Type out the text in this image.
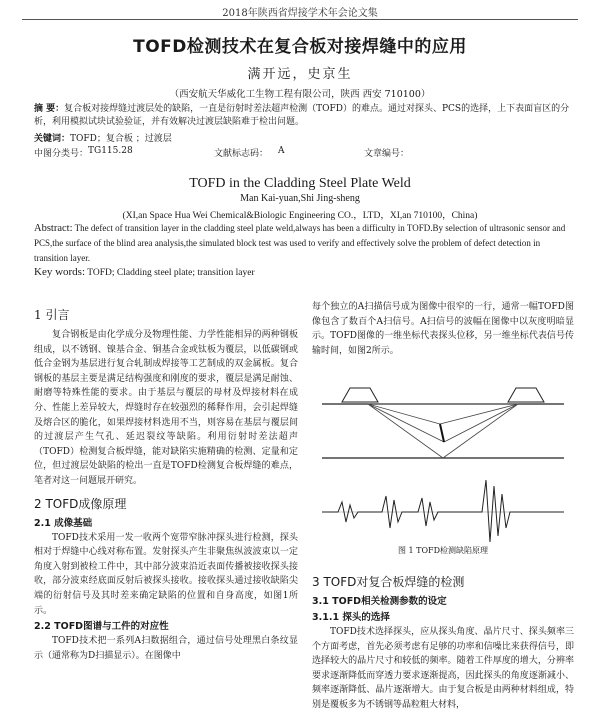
2018年陕西省焊接学术年会论文集
TOFD检测技术在复合板对接焊缝中的应用
满开远，史京生
（西安航天华威化工生物工程有限公司，陕西 西安 710100）
摘 要：复合板对接焊缝过渡层处的缺陷，一直是衍射时差法超声检测（TOFD）的难点。通过对探头、PCS的选择，上下表面盲区的分析，利用模拟试块试验验证，并有效解决过渡层缺陷难于检出问题。
关键词：TOFD；复合板 ；过渡层
中图分类号： TG115.28	文献标志码： A	文章编号：
TOFD in the Cladding Steel Plate Weld
Man Kai-yuan,Shi Jing-sheng
(XI,an Space Hua Wei Chemical&Biologic Engineering CO.，LTD，XI,an 710100，China)
Abstract: The defect of transition layer in the cladding steel plate weld,always has been a difficulty in TOFD.By selection of ultrasonic sensor and PCS,the surface of the blind area analysis,the simulated block test was used to verify and effectively solve the problem of defect detection in transition layer.
Key words: TOFD; Cladding steel plate; transition layer
1 引言

复合钢板是由化学成分及物理性能、力学性能相异的两种钢板组成，以不锈钢、镍基合金、铜基合金或钛板为覆层，以低碳钢或低合金钢为基层进行复合轧制成焊接等工艺制成的双金属板。复合钢板的基层主要是满足结构强度和刚度的要求，覆层是满足耐蚀、耐磨等特殊性能的要求。由于基层与覆层的母材及焊接材料在成分、性能上差异较大，焊缝时存在较强烈的稀释作用，会引起焊缝及熔合区的脆化，如果焊接材料选用不当，则容易在基层与覆层间的过渡层产生气孔、延迟裂纹等缺陷。利用衍射时差法超声（TOFD）检测复合板焊缝，能对缺陷实施精确的检测、定量和定位，但过渡层处缺陷的检出一直是TOFD检测复合板焊缝的难点，笔者对这一问题展开研究。

2 TOFD成像原理
2.1 成像基础

TOFD技术采用一发一收两个宽带窄脉冲探头进行检测，探头相对于焊缝中心线对称布置。发射探头产生非聚焦纵波波束以一定角度入射到被检工件中，其中部分波束沿近表面传播被接收探头接收，部分波束经底面反射后被探头接收。接收探头通过接收缺陷尖端的衍射信号及其时差来确定缺陷的位置和自身高度，如图1所示。

2.2 TOFD图谱与工件的对应性

TOFD技术把一系列A扫数据组合，通过信号处理黑白条纹显示（通常称为D扫描显示）。在图像中

每个独立的A扫描信号成为图像中很窄的一行，通常一幅TOFD图像包含了数百个A扫信号。A扫信号的波幅在图像中以灰度明暗显示。TOFD图像的一维坐标代表探头位移，另一维坐标代表信号传输时间，如图2所示。

图 1 TOFD检测缺陷原理
3 TOFD对复合板焊缝的检测
3.1 TOFD相关检测参数的设定
3.1.1 探头的选择

TOFD技术选择探头，应从探头角度、晶片尺寸、探头频率三个方面考虑，首先必须考虑有足够的功率和信噪比来获得信号，即选择较大的晶片尺寸和较低的频率。随着工件厚度的增大，分辨率要求逐渐降低而穿透力要求逐渐提高，因此探头的角度逐渐减小、频率逐渐降低、晶片逐渐增大。由于复合板是由两种材料组成，特别是覆板多为不锈钢等晶粒粗大材料，
